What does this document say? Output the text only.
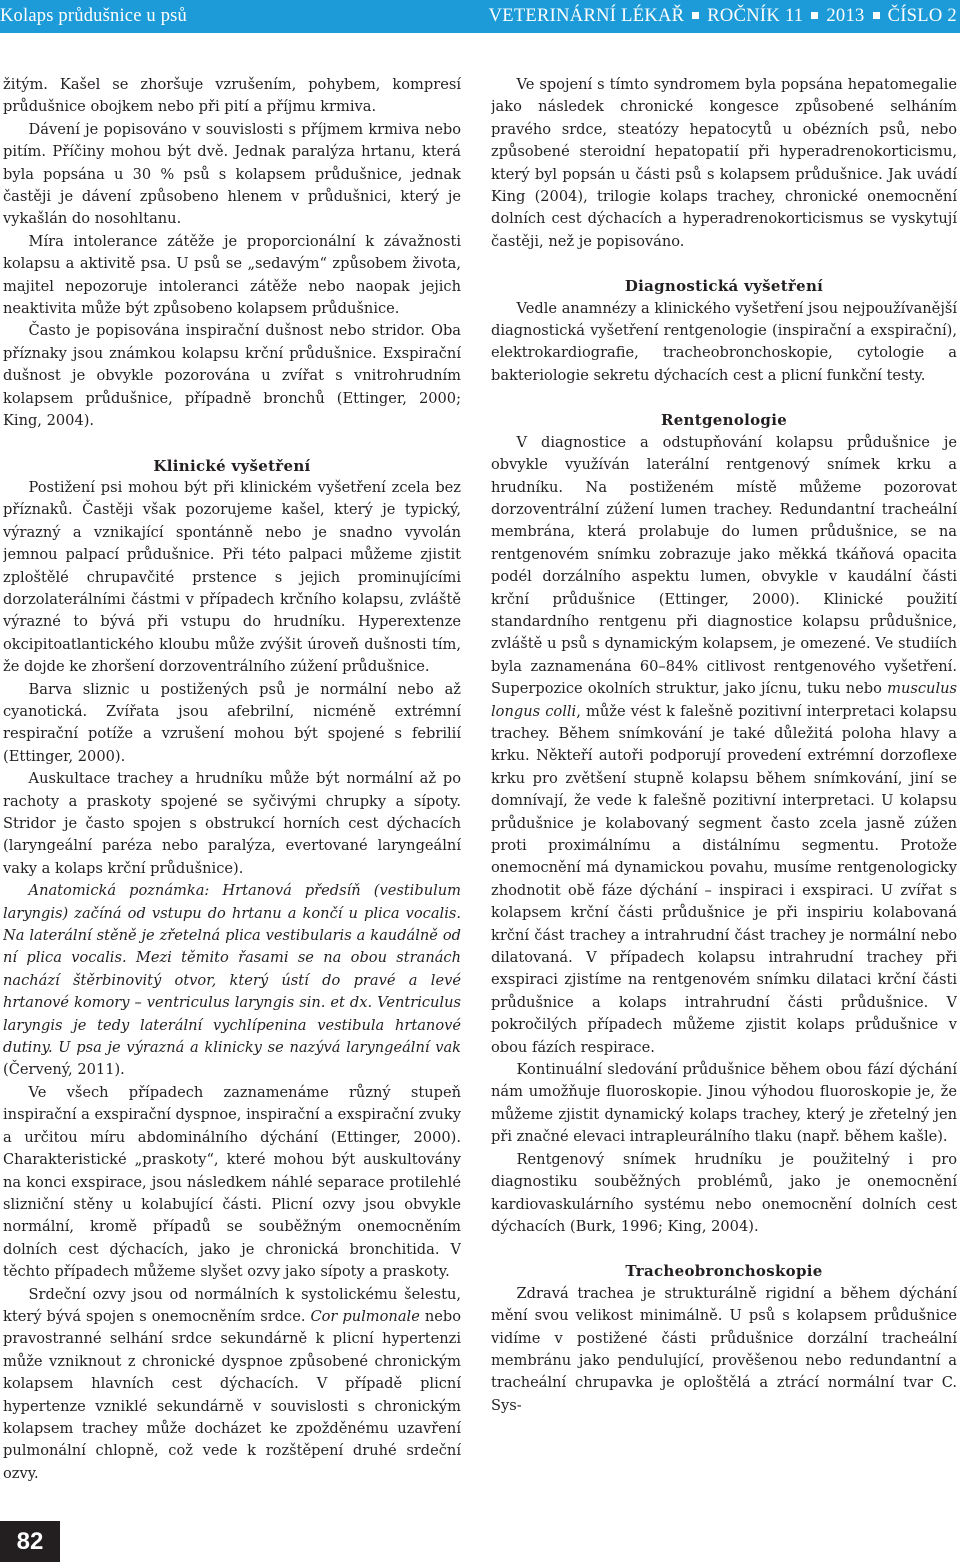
Kolaps průdušnice u psů	VETERINÁRNÍ LÉKAŘ ROČNÍK 11 2013 ČÍSLO 2

žitým. Kašel se zhoršuje vzrušením, pohybem, kompresí průdušnice obojkem nebo při pití a příjmu krmiva.

Dávení je popisováno v souvislosti s příjmem krmiva nebo pitím. Příčiny mohou být dvě. Jednak paralýza hrtanu, která byla popsána u 30 % psů s kolapsem průdušnice, jednak častěji je dávení způsobeno hlenem v průdušnici, který je vykašlán do nosohltanu.

Míra intolerance zátěže je proporcionální k závažnosti kolapsu a aktivitě psa. U psů se „sedavým“ způsobem života, majitel nepozoruje intoleranci zátěže nebo naopak jejich neaktivita může být způsobeno kolapsem průdušnice.

Často je popisována inspirační dušnost nebo stridor. Oba příznaky jsou známkou kolapsu krční průdušnice. Exspirační dušnost je obvykle pozorována u zvířat s vnitrohrudním kolapsem průdušnice, případně bronchů (Ettinger, 2000; King, 2004).

Klinické vyšetření

Postižení psi mohou být při klinickém vyšetření zcela bez příznaků. Častěji však pozorujeme kašel, který je typický, výrazný a vznikající spontánně nebo je snadno vyvolán jemnou palpací průdušnice. Při této palpaci můžeme zjistit zploštělé chrupavčité prstence s jejich prominujícími dorzolaterálními částmi v případech krčního kolapsu, zvláště výrazné to bývá při vstupu do hrudníku. Hyperextenze okcipitoatlantického kloubu může zvýšit úroveň dušnosti tím, že dojde ke zhoršení dorzoventrálního zúžení průdušnice.

Barva sliznic u postižených psů je normální nebo až cyanotická. Zvířata jsou afebrilní, nicméně extrémní respirační potíže a vzrušení mohou být spojené s febrilií (Ettinger, 2000).

Auskultace trachey a hrudníku může být normální až po rachoty a praskoty spojené se syčivými chrupky a sípoty. Stridor je často spojen s obstrukcí horních cest dýchacích (laryngeální paréza nebo paralýza, evertované laryngeální vaky a kolaps krční průdušnice).

Anatomická poznámka: Hrtanová předsíň (vestibulum laryngis) začíná od vstupu do hrtanu a končí u plica vocalis. Na laterální stěně je zřetelná plica vestibularis a kaudálně od ní plica vocalis. Mezi těmito řasami se na obou stranách nachází štěrbinovitý otvor, který ústí do pravé a levé hrtanové komory – ventriculus laryngis sin. et dx. Ventriculus laryngis je tedy laterální vychlípenina vestibula hrtanové dutiny. U psa je výrazná a klinicky se nazývá laryngeální vak (Červený, 2011).

Ve všech případech zaznamenáme různý stupeň inspirační a exspirační dyspnoe, inspirační a exspirační zvuky a určitou míru abdominálního dýchání (Ettinger, 2000). Charakteristické „praskoty“, které mohou být auskultovány na konci exspirace, jsou následkem náhlé separace protilehlé slizniční stěny u kolabující části. Plicní ozvy jsou obvykle normální, kromě případů se souběžným onemocněním dolních cest dýchacích, jako je chronická bronchitida. V těchto případech můžeme slyšet ozvy jako sípoty a praskoty.

Srdeční ozvy jsou od normálních k systolickému šelestu, který bývá spojen s onemocněním srdce. Cor pulmonale nebo pravostranné selhání srdce sekundárně k plicní hypertenzi může vzniknout z chronické dyspnoe způsobené chronickým kolapsem hlavních cest dýchacích. V případě plicní hypertenze vzniklé sekundárně v souvislosti s chronickým kolapsem trachey může docházet ke zpožděnému uzavření pulmonální chlopně, což vede k rozštěpení druhé srdeční ozvy.

Ve spojení s tímto syndromem byla popsána hepatomegalie jako následek chronické kongesce způsobené selháním pravého srdce, steatózy hepatocytů u obézních psů, nebo způsobené steroidní hepatopatií při hyperadrenokorticismu, který byl popsán u části psů s kolapsem průdušnice. Jak uvádí King (2004), trilogie kolaps trachey, chronické onemocnění dolních cest dýchacích a hyperadrenokorticismus se vyskytují častěji, než je popisováno.

Diagnostická vyšetření

Vedle anamnézy a klinického vyšetření jsou nejpoužívanější diagnostická vyšetření rentgenologie (inspirační a exspirační), elektrokardiografie, tracheobronchoskopie, cytologie a bakteriologie sekretu dýchacích cest a plicní funkční testy.

Rentgenologie

V diagnostice a odstupňování kolapsu průdušnice je obvykle využíván laterální rentgenový snímek krku a hrudníku. Na postiženém místě můžeme pozorovat dorzoventrální zúžení lumen trachey. Redundantní tracheální membrána, která prolabuje do lumen průdušnice, se na rentgenovém snímku zobrazuje jako měkká tkáňová opacita podél dorzálního aspektu lumen, obvykle v kaudální části krční průdušnice (Ettinger, 2000). Klinické použití standardního rentgenu při diagnostice kolapsu průdušnice, zvláště u psů s dynamickým kolapsem, je omezené. Ve studiích byla zaznamenána 60–84% citlivost rentgenového vyšetření. Superpozice okolních struktur, jako jícnu, tuku nebo musculus longus colli, může vést k falešně pozitivní interpretaci kolapsu trachey. Během snímkování je také důležitá poloha hlavy a krku. Někteří autoři podporují provedení extrémní dorzoflexe krku pro zvětšení stupně kolapsu během snímkování, jiní se domnívají, že vede k falešně pozitivní interpretaci. U kolapsu průdušnice je kolabovaný segment často zcela jasně zúžen proti proximálnímu a distálnímu segmentu. Protože onemocnění má dynamickou povahu, musíme rentgenologicky zhodnotit obě fáze dýchání – inspiraci i exspiraci. U zvířat s kolapsem krční části průdušnice je při inspiriu kolabovaná krční část trachey a intrahrudní část trachey je normální nebo dilatovaná. V případech kolapsu intrahrudní trachey při exspiraci zjistíme na rentgenovém snímku dilataci krční části průdušnice a kolaps intrahrudní části průdušnice. V pokročilých případech můžeme zjistit kolaps průdušnice v obou fázích respirace.

Kontinuální sledování průdušnice během obou fází dýchání nám umožňuje fluoroskopie. Jinou výhodou fluoroskopie je, že můžeme zjistit dynamický kolaps trachey, který je zřetelný jen při značné elevaci intrapleurálního tlaku (např. během kašle).

Rentgenový snímek hrudníku je použitelný i pro diagnostiku souběžných problémů, jako je onemocnění kardiovaskulárního systému nebo onemocnění dolních cest dýchacích (Burk, 1996; King, 2004).

Tracheobronchoskopie

Zdravá trachea je strukturálně rigidní a během dýchání mění svou velikost minimálně. U psů s kolapsem průdušnice vidíme v postižené části průdušnice dorzální tracheální membránu jako pendulující, prověšenou nebo redundantní a tracheální chrupavka je oploštělá a ztrácí normální tvar C. Sys-

82
